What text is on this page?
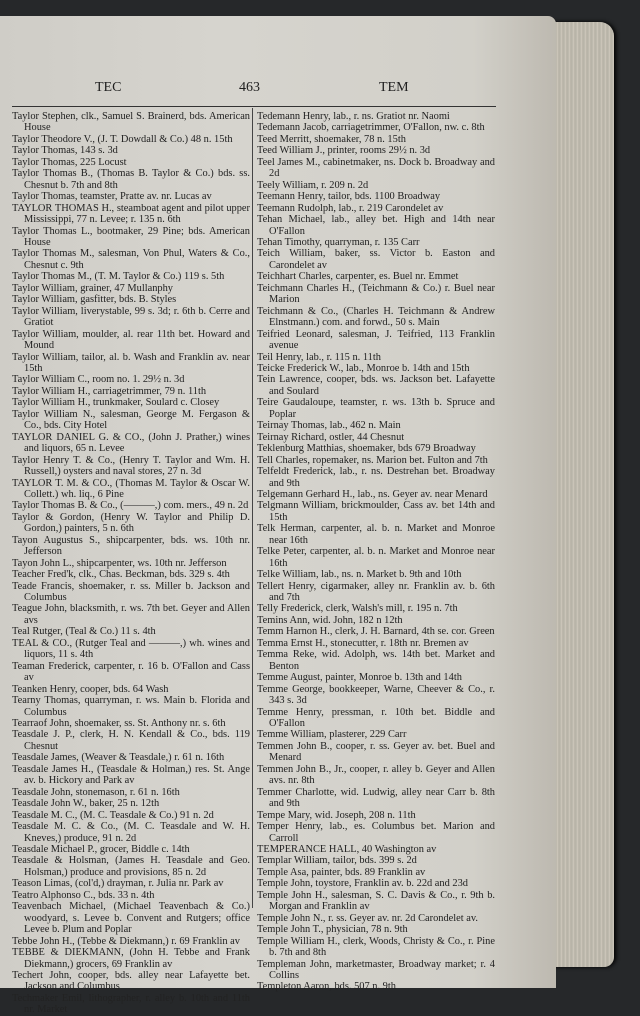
TEC	463	TEM
Taylor Stephen, clk., Samuel S. Brainerd, bds. American House
Taylor Theodore V., (J. T. Dowdall & Co.) 48 n. 15th
Taylor Thomas, 143 s. 3d
Taylor Thomas, 225 Locust
Taylor Thomas B., (Thomas B. Taylor & Co.) bds. ss. Chesnut b. 7th and 8th
Taylor Thomas, teamster, Pratte av. nr. Lucas av
TAYLOR THOMAS H., steamboat agent and pilot upper Mississippi, 77 n. Levee; r. 135 n. 6th
Taylor Thomas L., bootmaker, 29 Pine; bds. American House
Taylor Thomas M., salesman, Von Phul, Waters & Co., Chesnut c. 9th
Taylor Thomas M., (T. M. Taylor & Co.) 119 s. 5th
Taylor William, grainer, 47 Mullanphy
Taylor William, gasfitter, bds. B. Styles
Taylor William, liverystable, 99 s. 3d; r. 6th b. Cerre and Gratiot
Taylor William, moulder, al. rear 11th bet. Howard and Mound
Taylor William, tailor, al. b. Wash and Franklin av. near 15th
Taylor William C., room no. 1. 29½ n. 3d
Taylor William H., carriagetrimmer, 79 n. 11th
Taylor William H., trunkmaker, Soulard c. Closey
Taylor William N., salesman, George M. Fergason & Co., bds. City Hotel
TAYLOR DANIEL G. & CO., (John J. Prather,) wines and liquors, 65 n. Levee
Taylor Henry T. & Co., (Henry T. Taylor and Wm. H. Russell,) oysters and naval stores, 27 n. 3d
TAYLOR T. M. & CO., (Thomas M. Taylor & Oscar W. Collett.) wh. liq., 6 Pine
Taylor Thomas B. & Co., (———,) com. mers., 49 n. 2d
Taylor & Gordon, (Henry W. Taylor and Philip D. Gordon,) painters, 5 n. 6th
Tayon Augustus S., shipcarpenter, bds. ws. 10th nr. Jefferson
Tayon John L., shipcarpenter, ws. 10th nr. Jefferson
Teacher Fred'k, clk., Chas. Beckman, bds. 329 s. 4th
Teade Francis, shoemaker, r. ss. Miller b. Jackson and Columbus
Teague John, blacksmith, r. ws. 7th bet. Geyer and Allen avs
Teal Rutger, (Teal & Co.) 11 s. 4th
TEAL & CO., (Rutger Teal and ———,) wh. wines and liquors, 11 s. 4th
Teaman Frederick, carpenter, r. 16 b. O'Fallon and Cass av
Teanken Henry, cooper, bds. 64 Wash
Tearny Thomas, quarryman, r. ws. Main b. Florida and Columbus
Tearraof John, shoemaker, ss. St. Anthony nr. s. 6th
Teasdale J. P., clerk, H. N. Kendall & Co., bds. 119 Chesnut
Teasdale James, (Weaver & Teasdale,) r. 61 n. 16th
Teasdale James H., (Teasdale & Holman,) res. St. Ange av. b. Hickory and Park av
Teasdale John, stonemason, r. 61 n. 16th
Teasdale John W., baker, 25 n. 12th
Teasdale M. C., (M. C. Teasdale & Co.) 91 n. 2d
Teasdale M. C. & Co., (M. C. Teasdale and W. H. Kneves,) produce, 91 n. 2d
Teasdale Michael P., grocer, Biddle c. 14th
Teasdale & Holsman, (James H. Teasdale and Geo. Holsman,) produce and provisions, 85 n. 2d
Teason Limas, (col'd,) drayman, r. Julia nr. Park av
Teatro Alphonso C., bds. 33 n. 4th
Teavenbach Michael, (Michael Teavenbach & Co.) woodyard, s. Levee b. Convent and Rutgers; office Levee b. Plum and Poplar
Tebbe John H., (Tebbe & Diekmann,) r. 69 Franklin av
TEBBE & DIEKMANN, (John H. Tebbe and Frank Diekmann,) grocers, 69 Franklin av
Techert John, cooper, bds. alley near Lafayette bet. Jackson and Columbus
Techmaker Emil, lithographer, r. alley b. 10th and 11th nr. Market
Tedemann Henry, lab., r. ns. Gratiot nr. Naomi
Tedemann Jacob, carriagetrimmer, O'Fallon, nw. c. 8th
Teed Merritt, shoemaker, 78 n. 15th
Teed William J., printer, rooms 29½ n. 3d
Teel James M., cabinetmaker, ns. Dock b. Broadway and 2d
Teely William, r. 209 n. 2d
Teemann Henry, tailor, bds. 1100 Broadway
Teemann Rudolph, lab., r. 219 Carondelet av
Tehan Michael, lab., alley bet. High and 14th near O'Fallon
Tehan Timothy, quarryman, r. 135 Carr
Teich William, baker, ss. Victor b. Easton and Carondelet av
Teichhart Charles, carpenter, es. Buel nr. Emmet
Teichmann Charles H., (Teichmann & Co.) r. Buel near Marion
Teichmann & Co., (Charles H. Teichmann & Andrew Elnstmann.) com. and forwd., 50 s. Main
Teifried Leonard, salesman, J. Teifried, 113 Franklin avenue
Teil Henry, lab., r. 115 n. 11th
Teicke Frederick W., lab., Monroe b. 14th and 15th
Tein Lawrence, cooper, bds. ws. Jackson bet. Lafayette and Soulard
Teire Gaudaloupe, teamster, r. ws. 13th b. Spruce and Poplar
Teirnay Thomas, lab., 462 n. Main
Teirnay Richard, ostler, 44 Chesnut
Teklenburg Matthias, shoemaker, bds 679 Broadway
Tell Charles, ropemaker, ns. Marion bet. Fulton and 7th
Telfeldt Frederick, lab., r. ns. Destrehan bet. Broadway and 9th
Telgemann Gerhard H., lab., ns. Geyer av. near Menard
Telgmann William, brickmoulder, Cass av. bet 14th and 15th
Telk Herman, carpenter, al. b. n. Market and Monroe near 16th
Telke Peter, carpenter, al. b. n. Market and Monroe near 16th
Telke William, lab., ns. n. Market b. 9th and 10th
Tellert Henry, cigarmaker, alley nr. Franklin av. b. 6th and 7th
Telly Frederick, clerk, Walsh's mill, r. 195 n. 7th
Temins Ann, wid. John, 182 n 12th
Temm Harnon H., clerk, J. H. Barnard, 4th se. cor. Green
Temma Ernst H., stonecutter, r. 18th nr. Bremen av
Temma Reke, wid. Adolph, ws. 14th bet. Market and Benton
Temme August, painter, Monroe b. 13th and 14th
Temme George, bookkeeper, Warne, Cheever & Co., r. 343 s. 3d
Temme Henry, pressman, r. 10th bet. Biddle and O'Fallon
Temme William, plasterer, 229 Carr
Temmen John B., cooper, r. ss. Geyer av. bet. Buel and Menard
Temmen John B., Jr., cooper, r. alley b. Geyer and Allen avs. nr. 8th
Temmer Charlotte, wid. Ludwig, alley near Carr b. 8th and 9th
Tempe Mary, wid. Joseph, 208 n. 11th
Temper Henry, lab., es. Columbus bet. Marion and Carroll
TEMPERANCE HALL, 40 Washington av
Templar William, tailor, bds. 399 s. 2d
Temple Asa, painter, bds. 89 Franklin av
Temple John, toystore, Franklin av. b. 22d and 23d
Temple John H., salesman, S. C. Davis & Co., r. 9th b. Morgan and Franklin av
Temple John N., r. ss. Geyer av. nr. 2d Carondelet av.
Temple John T., physician, 78 n. 9th
Temple William H., clerk, Woods, Christy & Co., r. Pine b. 7th and 8th
Templeman John, marketmaster, Broadway market; r. 4 Collins
Templeton Aaron, bds. 507 n. 9th
